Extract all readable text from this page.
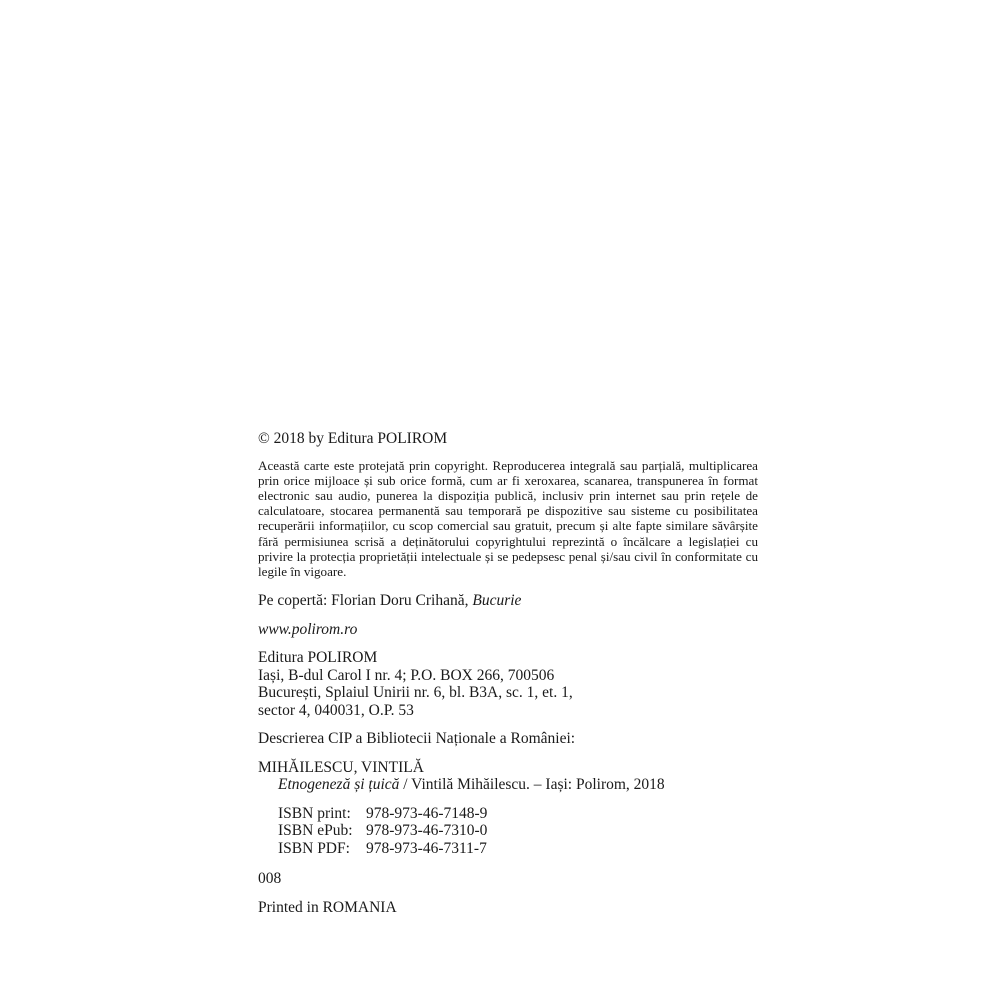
© 2018 by Editura POLIROM
Această carte este protejată prin copyright. Reproducerea integrală sau parțială, multiplicarea prin orice mijloace și sub orice formă, cum ar fi xeroxarea, scanarea, transpunerea în format electronic sau audio, punerea la dispoziția publică, inclusiv prin internet sau prin rețele de calculatoare, stocarea permanentă sau temporară pe dispozitive sau sisteme cu posibilitatea recuperării informațiilor, cu scop comercial sau gratuit, precum și alte fapte similare săvârșite fără permisiunea scrisă a deținătorului copyrightului reprezintă o încălcare a legislației cu privire la protecția proprietății intelectuale și se pedepsesc penal și/sau civil în conformitate cu legile în vigoare.
Pe copertă: Florian Doru Crihană, Bucurie
www.polirom.ro
Editura POLIROM
Iași, B-dul Carol I nr. 4; P.O. BOX 266, 700506
București, Splaiul Unirii nr. 6, bl. B3A, sc. 1, et. 1,
sector 4, 040031, O.P. 53
Descrierea CIP a Bibliotecii Naționale a României:
MIHĂILESCU, VINTILĂ
Etnogeneză și țuică / Vintilă Mihăilescu. – Iași: Polirom, 2018
ISBN print: 978-973-46-7148-9
ISBN ePub: 978-973-46-7310-0
ISBN PDF:	978-973-46-7311-7
008
Printed in ROMANIA
